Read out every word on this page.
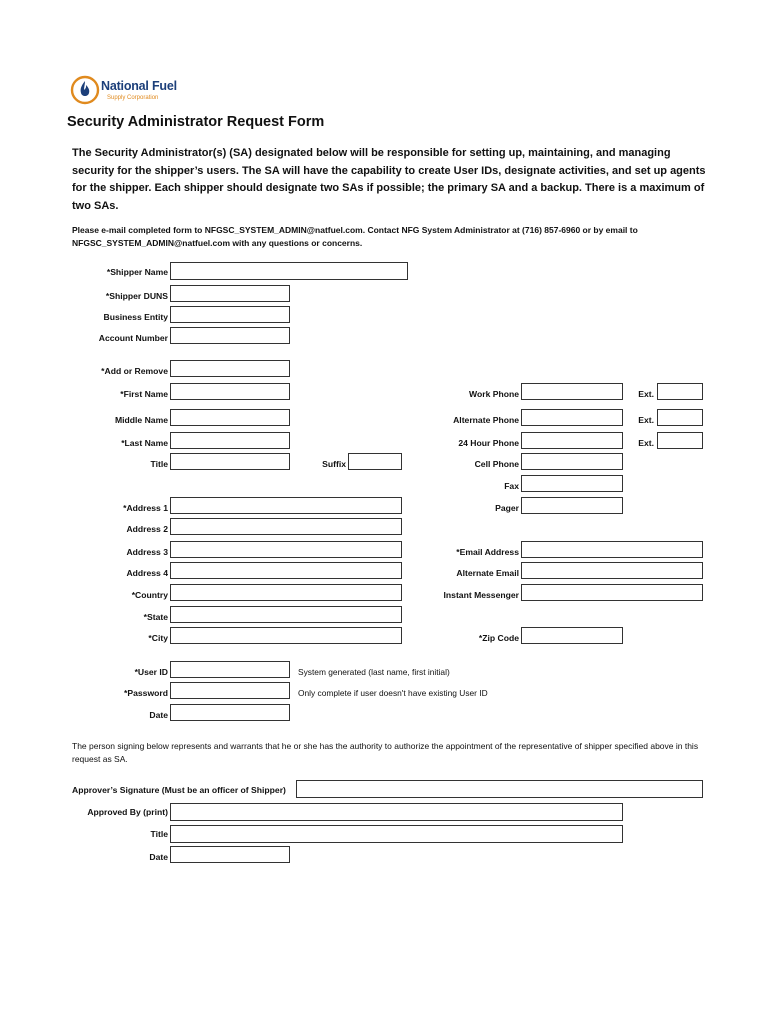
National Fuel
Supply Corporation
Security Administrator Request Form
The Security Administrator(s) (SA) designated below will be responsible for setting up, maintaining, and managing security for the shipper’s users. The SA will have the capability to create User IDs, designate activities, and set up agents for the shipper. Each shipper should designate two SAs if possible; the primary SA and a backup. There is a maximum of two SAs.
Please e-mail completed form to NFGSC_SYSTEM_ADMIN@natfuel.com. Contact NFG System Administrator at (716) 857-6960 or by email to NFGSC_SYSTEM_ADMIN@natfuel.com with any questions or concerns.
*Shipper Name
*Shipper DUNS
Business Entity
Account Number
*Add or Remove
*First Name
Middle Name
*Last Name
Title	Suffix
Work Phone	Ext.
Alternate Phone	Ext.
24 Hour Phone	Ext.
Cell Phone
Fax
Pager
*Address 1
Address 2
Address 3
Address 4
*Country
*State
*City
*Email Address
Alternate Email
Instant Messenger
*Zip Code
*User ID	System generated (last name, first initial)
*Password	Only complete if user doesn't have existing User ID
Date
The person signing below represents and warrants that he or she has the authority to authorize the appointment of the representative of shipper specified above in this request as SA.
Approver’s Signature (Must be an officer of Shipper)
Approved By (print)
Title
Date
